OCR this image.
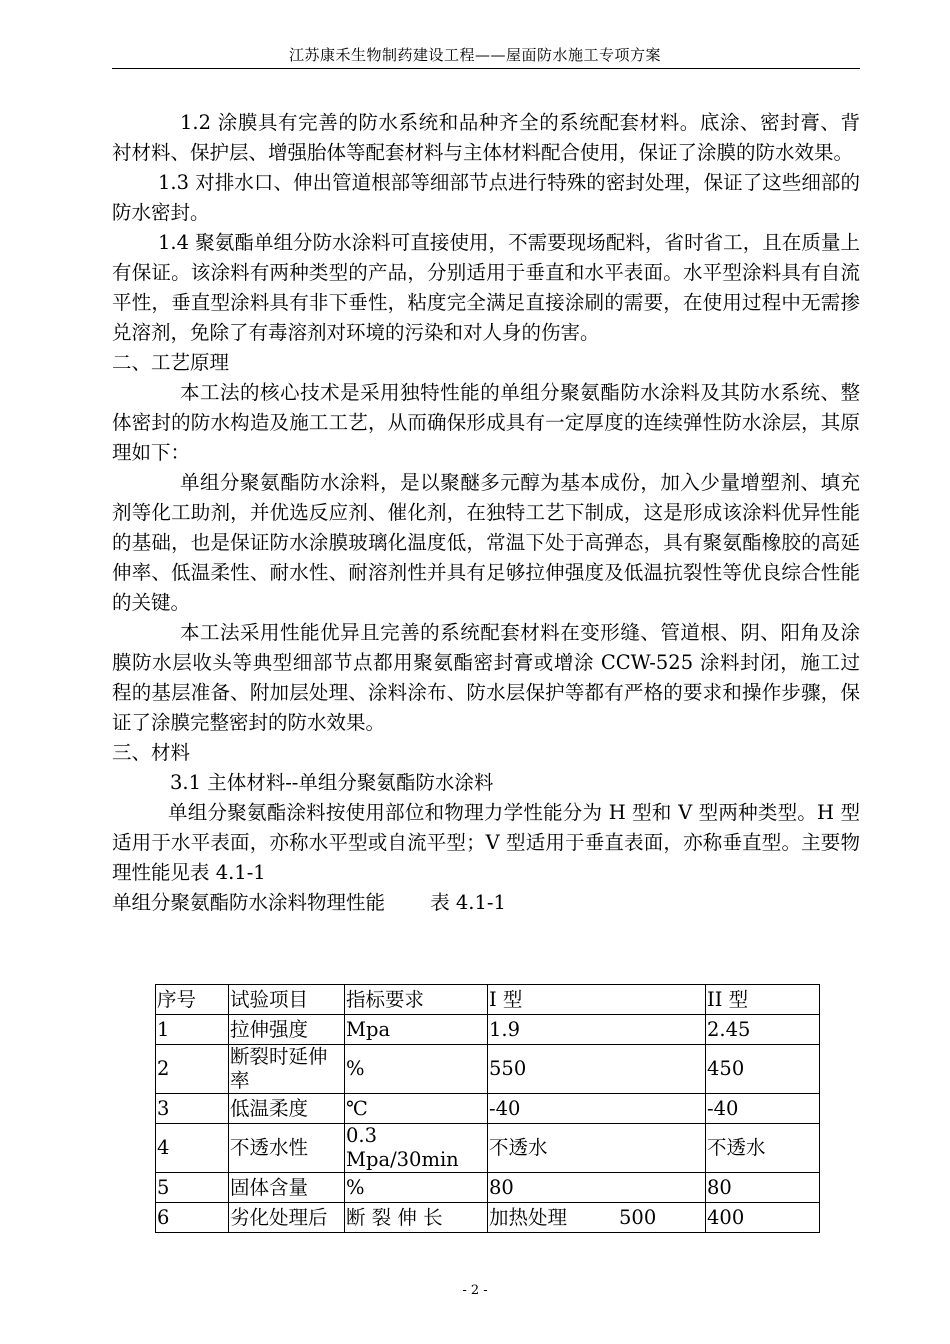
江苏康禾生物制药建设工程——屋面防水施工专项方案

1.2 涂膜具有完善的防水系统和品种齐全的系统配套材料。底涂、密封膏、背衬材料、保护层、增强胎体等配套材料与主体材料配合使用，保证了涂膜的防水效果。

1.3 对排水口、伸出管道根部等细部节点进行特殊的密封处理，保证了这些细部的防水密封。

1.4 聚氨酯单组分防水涂料可直接使用，不需要现场配料，省时省工，且在质量上有保证。该涂料有两种类型的产品，分别适用于垂直和水平表面。水平型涂料具有自流平性，垂直型涂料具有非下垂性，粘度完全满足直接涂刷的需要，在使用过程中无需掺兑溶剂，免除了有毒溶剂对环境的污染和对人身的伤害。

二、工艺原理

本工法的核心技术是采用独特性能的单组分聚氨酯防水涂料及其防水系统、整体密封的防水构造及施工工艺，从而确保形成具有一定厚度的连续弹性防水涂层，其原理如下：

单组分聚氨酯防水涂料，是以聚醚多元醇为基本成份，加入少量增塑剂、填充剂等化工助剂，并优选反应剂、催化剂，在独特工艺下制成，这是形成该涂料优异性能的基础，也是保证防水涂膜玻璃化温度低，常温下处于高弹态，具有聚氨酯橡胶的高延伸率、低温柔性、耐水性、耐溶剂性并具有足够拉伸强度及低温抗裂性等优良综合性能的关键。

本工法采用性能优异且完善的系统配套材料在变形缝、管道根、阴、阳角及涂膜防水层收头等典型细部节点都用聚氨酯密封膏或增涂 CCW-525 涂料封闭，施工过程的基层准备、附加层处理、涂料涂布、防水层保护等都有严格的要求和操作步骤，保证了涂膜完整密封的防水效果。

三、材料

3.1 主体材料--单组分聚氨酯防水涂料

单组分聚氨酯涂料按使用部位和物理力学性能分为 H 型和 V 型两种类型。H 型适用于水平表面，亦称水平型或自流平型；V 型适用于垂直表面，亦称垂直型。主要物理性能见表 4.1-1

单组分聚氨酯防水涂料物理性能　　 表 4.1-1

序号	试验项目	指标要求	I 型		II 型
1	拉伸强度	Mpa	1.9		2.45
2	断裂时延伸率	%	550		450
3	低温柔度	℃	-40		-40
4	不透水性	0.3 Mpa/30min	不透水		不透水
5	固体含量	%	80		80
6	劣化处理后	断 裂 伸 长	加热处理	500	400
- 2 -
